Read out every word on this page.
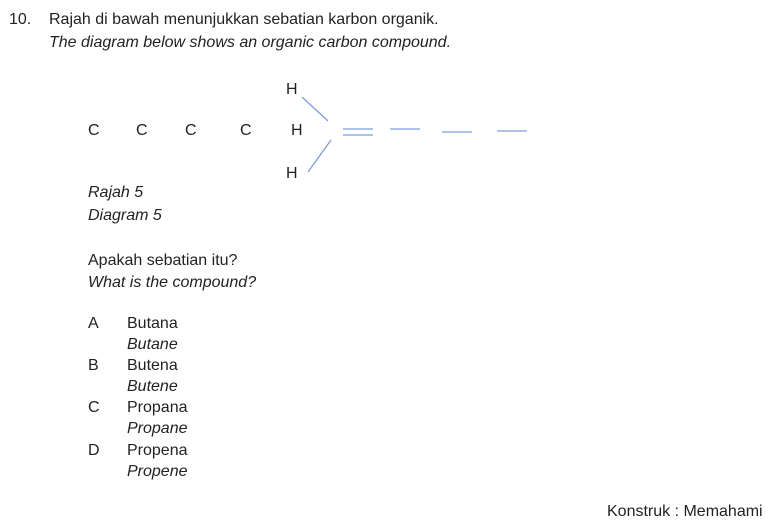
10. Rajah di bawah menunjukkan sebatian karbon organik.
The diagram below shows an organic carbon compound.
C C C	C H
H
H
Rajah 5
Diagram 5
Apakah sebatian itu?
What is the compound?
A Butana
Butane
B Butena
Butene
C Propana
Propane
D Propena
Propene
Konstruk : Memahami
